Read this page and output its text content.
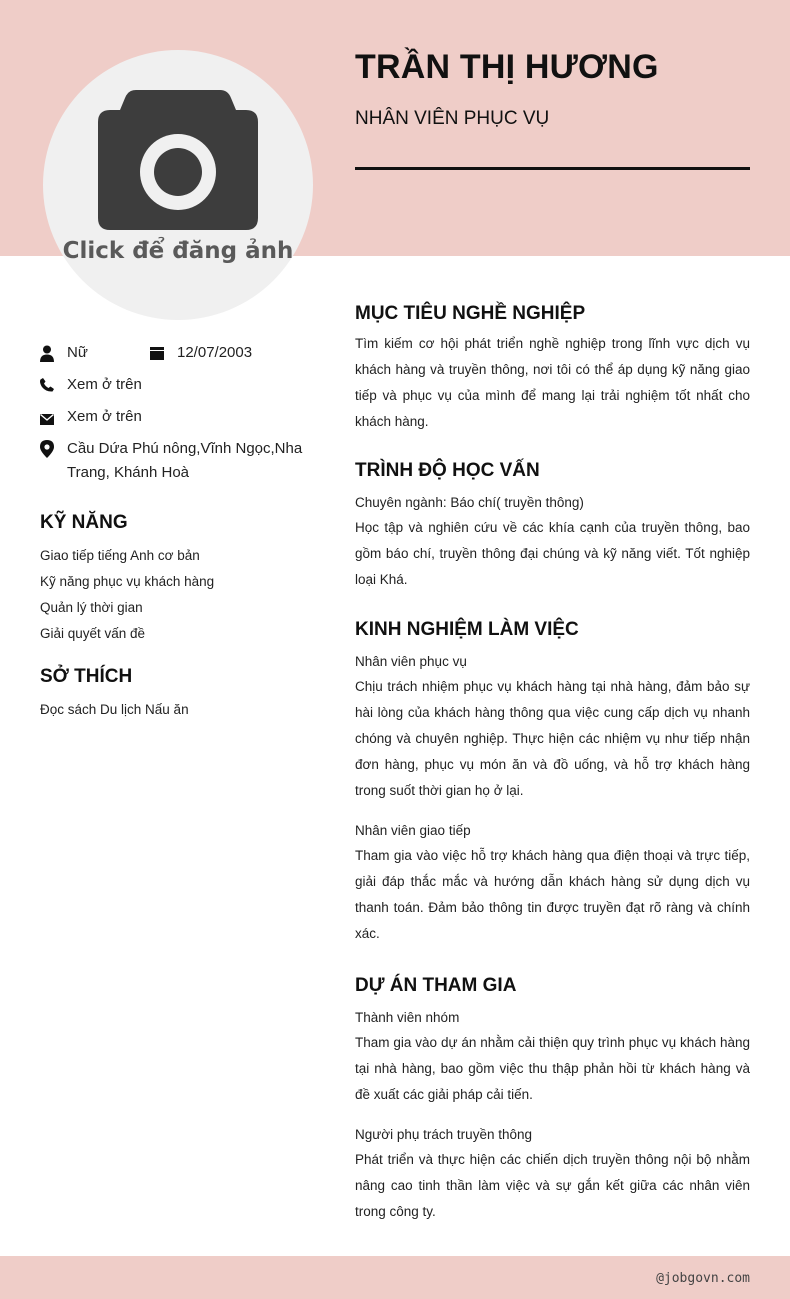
Click để đăng ảnh
TRẦN THỊ HƯƠNG
NHÂN VIÊN PHỤC VỤ
Nữ	12/07/2003
Xem ở trên
Xem ở trên
Cầu Dứa Phú nông,Vĩnh Ngọc,Nha Trang, Khánh Hoà
KỸ NĂNG
Giao tiếp tiếng Anh cơ bản
Kỹ năng phục vụ khách hàng
Quản lý thời gian
Giải quyết vấn đề
SỞ THÍCH
Đọc sách Du lịch Nấu ăn
MỤC TIÊU NGHỀ NGHIỆP
Tìm kiếm cơ hội phát triển nghề nghiệp trong lĩnh vực dịch vụ khách hàng và truyền thông, nơi tôi có thể áp dụng kỹ năng giao tiếp và phục vụ của mình để mang lại trải nghiệm tốt nhất cho khách hàng.
TRÌNH ĐỘ HỌC VẤN
Chuyên ngành: Báo chí( truyền thông)
Học tập và nghiên cứu về các khía cạnh của truyền thông, bao gồm báo chí, truyền thông đại chúng và kỹ năng viết. Tốt nghiệp loại Khá.
KINH NGHIỆM LÀM VIỆC
Nhân viên phục vụ
Chịu trách nhiệm phục vụ khách hàng tại nhà hàng, đảm bảo sự hài lòng của khách hàng thông qua việc cung cấp dịch vụ nhanh chóng và chuyên nghiệp. Thực hiện các nhiệm vụ như tiếp nhận đơn hàng, phục vụ món ăn và đồ uống, và hỗ trợ khách hàng trong suốt thời gian họ ở lại.
Nhân viên giao tiếp
Tham gia vào việc hỗ trợ khách hàng qua điện thoại và trực tiếp, giải đáp thắc mắc và hướng dẫn khách hàng sử dụng dịch vụ thanh toán. Đảm bảo thông tin được truyền đạt rõ ràng và chính xác.
DỰ ÁN THAM GIA
Thành viên nhóm
Tham gia vào dự án nhằm cải thiện quy trình phục vụ khách hàng tại nhà hàng, bao gồm việc thu thập phản hồi từ khách hàng và đề xuất các giải pháp cải tiến.
Người phụ trách truyền thông
Phát triển và thực hiện các chiến dịch truyền thông nội bộ nhằm nâng cao tinh thần làm việc và sự gắn kết giữa các nhân viên trong công ty.
@jobgovn.com
